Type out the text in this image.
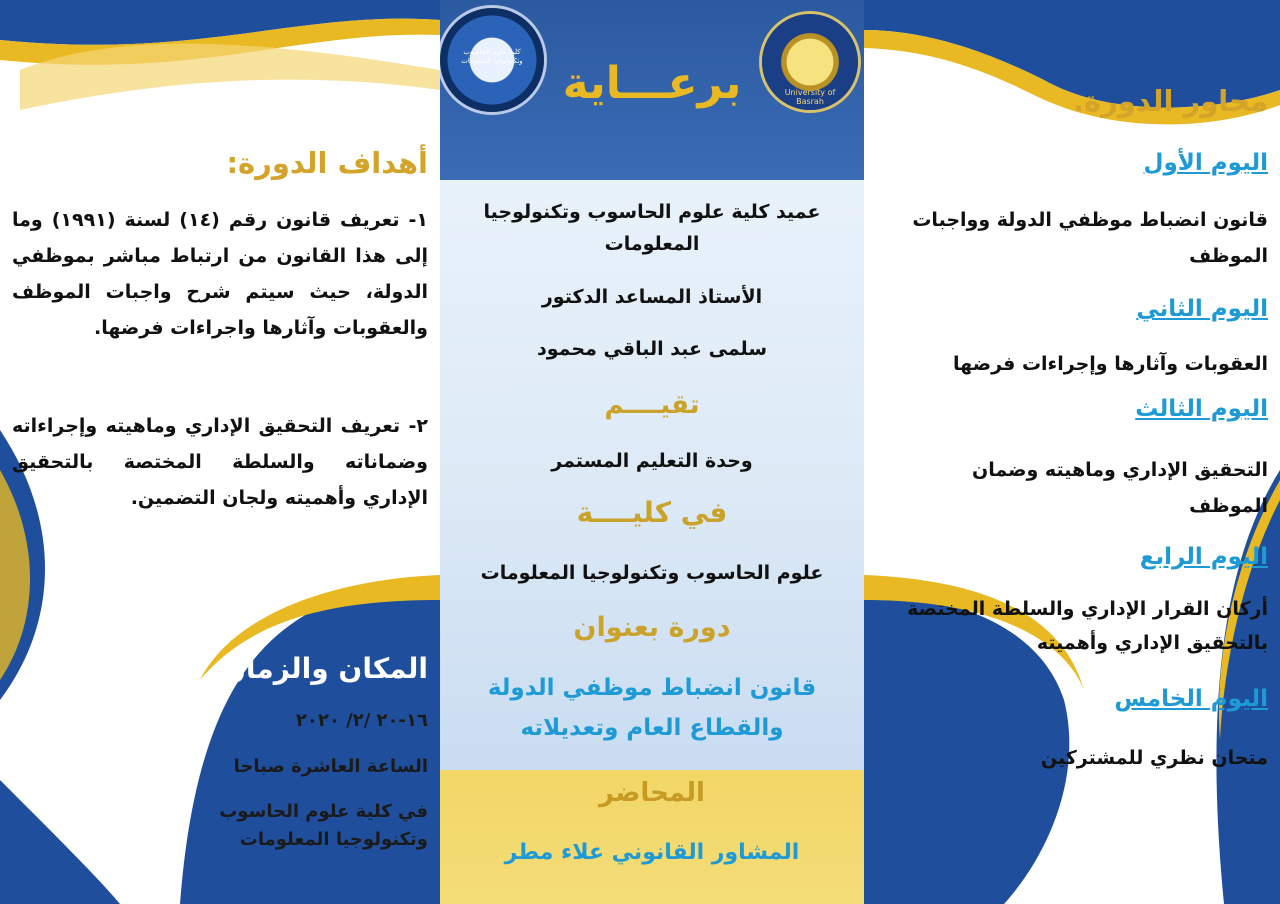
أهداف الدورة:
١- تعريف قانون رقم (١٤) لسنة (١٩٩١) وما إلى هذا القانون من ارتباط مباشر بموظفي الدولة، حيث سيتم شرح واجبات الموظف والعقوبات وآثارها واجراءات فرضها.
٢- تعريف التحقيق الإداري وماهيته وإجراءاته وضماناته والسلطة المختصة بالتحقيق الإداري وأهميته ولجان التضمين.
المكان والزمان
١٦-٢٠ /٢/ ٢٠٢٠
الساعة العاشرة صباحا
في كلية علوم الحاسوب وتكنولوجيا المعلومات
كلية علوم الحاسوب وتكنولوجيا المعلومات
University of Basrah
برعـــاية
عميد كلية علوم الحاسوب وتكنولوجيا المعلومات
الأستاذ المساعد الدكتور
سلمى عبد الباقي محمود
تقيــــم
وحدة التعليم المستمر
في كليــــة
علوم الحاسوب وتكنولوجيا المعلومات
دورة بعنوان
قانون انضباط موظفي الدولة والقطاع العام وتعديلاته
المحاضر
المشاور القانوني علاء مطر
محاور الدورة.
اليوم الأول
قانون انضباط موظفي الدولة وواجبات الموظف
اليوم الثاني
العقوبات وآثارها وإجراءات فرضها
اليوم الثالث
التحقيق الإداري وماهيته وضمان الموظف
اليوم الرابع
أركان القرار الإداري والسلطة المختصة بالتحقيق الإداري وأهميته
اليوم الخامس
متحان نظري للمشتركين
